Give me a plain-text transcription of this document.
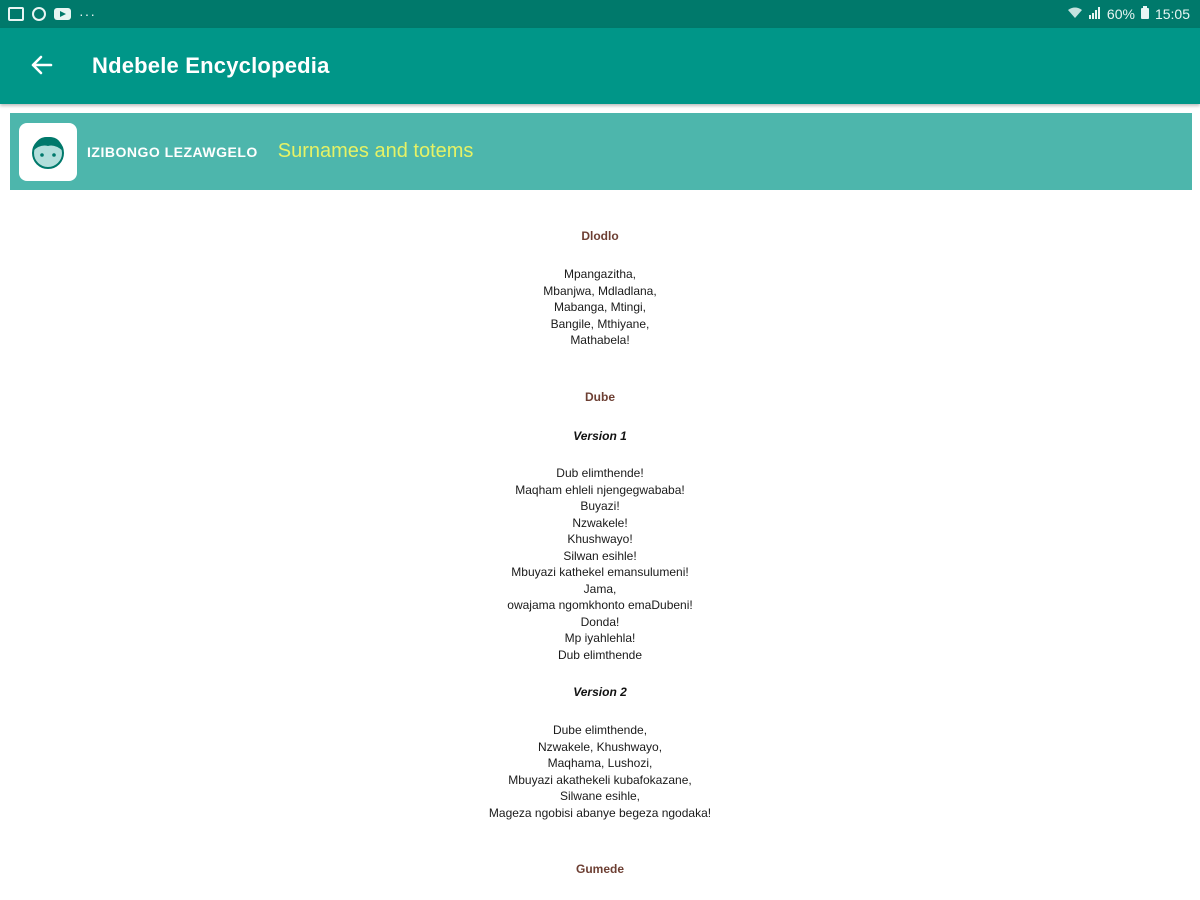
···	60% 15:05
Ndebele Encyclopedia
IZIBONGO LEZAWGELO Surnames and totems
Dlodlo
Mpangazitha,
Mbanjwa, Mdladlana,
Mabanga, Mtingi,
Bangile, Mthiyane,
Mathabela!
Dube
Version 1
Dub elimthende!
Maqham ehleli njengegwababa!
Buyazi!
Nzwakele!
Khushwayo!
Silwan esihle!
Mbuyazi kathekel emansulumeni!
Jama,
owajama ngomkhonto emaDubeni!
Donda!
Mp iyahlehla!
Dub elimthende
Version 2
Dube elimthende,
Nzwakele, Khushwayo,
Maqhama, Lushozi,
Mbuyazi akathekeli kubafokazane,
Silwane esihle,
Mageza ngobisi abanye begeza ngodaka!
Gumede
